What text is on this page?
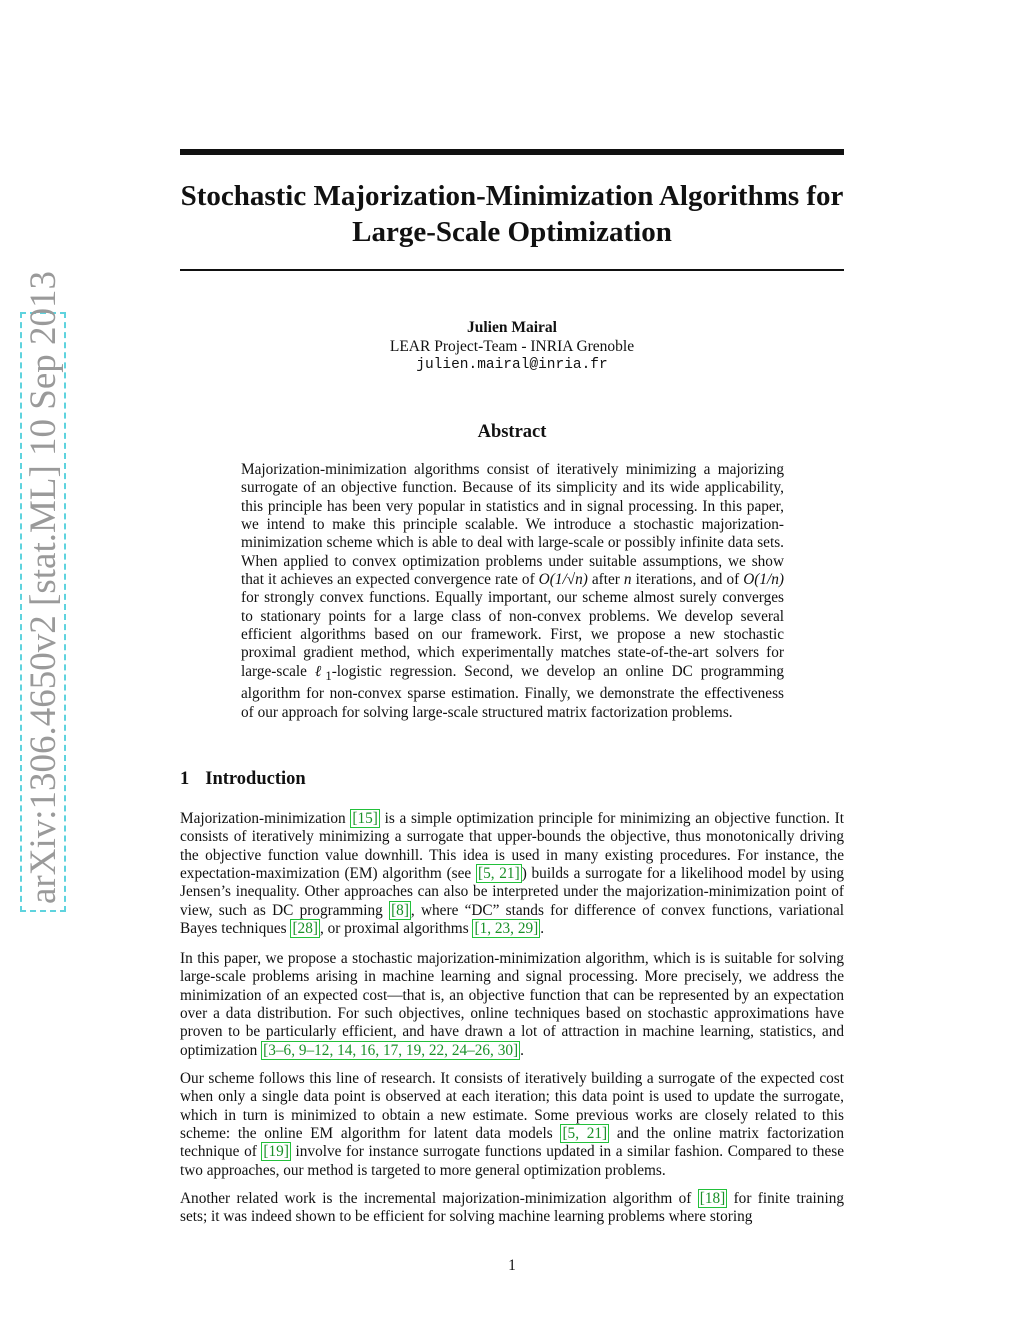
arXiv:1306.4650v2 [stat.ML] 10 Sep 2013
Stochastic Majorization-Minimization Algorithms for
Large-Scale Optimization
Julien Mairal
LEAR Project-Team - INRIA Grenoble
julien.mairal@inria.fr
Abstract

Majorization-minimization algorithms consist of iteratively minimizing a majorizing surrogate of an objective function. Because of its simplicity and its wide applicability, this principle has been very popular in statistics and in signal processing. In this paper, we intend to make this principle scalable. We introduce a stochastic majorization-minimization scheme which is able to deal with large-scale or possibly infinite data sets. When applied to convex optimization problems under suitable assumptions, we show that it achieves an expected convergence rate of O(1/√n) after n iterations, and of O(1/n) for strongly convex functions. Equally important, our scheme almost surely converges to stationary points for a large class of non-convex problems. We develop several efficient algorithms based on our framework. First, we propose a new stochastic proximal gradient method, which experimentally matches state-of-the-art solvers for large-scale ℓ$_1$-logistic regression. Second, we develop an online DC programming algorithm for non-convex sparse estimation. Finally, we demonstrate the effectiveness of our approach for solving large-scale structured matrix factorization problems.

1 Introduction

Majorization-minimization [15] is a simple optimization principle for minimizing an objective function. It consists of iteratively minimizing a surrogate that upper-bounds the objective, thus monotonically driving the objective function value downhill. This idea is used in many existing procedures. For instance, the expectation-maximization (EM) algorithm (see [5, 21] ) builds a surrogate for a likelihood model by using Jensen’s inequality. Other approaches can also be interpreted under the majorization-minimization point of view, such as DC programming [8] , where “DC” stands for difference of convex functions, variational Bayes techniques [28] , or proximal algorithms [1, 23, 29] .

In this paper, we propose a stochastic majorization-minimization algorithm, which is is suitable for solving large-scale problems arising in machine learning and signal processing. More precisely, we address the minimization of an expected cost—that is, an objective function that can be represented by an expectation over a data distribution. For such objectives, online techniques based on stochastic approximations have proven to be particularly efficient, and have drawn a lot of attraction in machine learning, statistics, and optimization [3–6, 9–12, 14, 16, 17, 19, 22, 24–26, 30] .

Our scheme follows this line of research. It consists of iteratively building a surrogate of the expected cost when only a single data point is observed at each iteration; this data point is used to update the surrogate, which in turn is minimized to obtain a new estimate. Some previous works are closely related to this scheme: the online EM algorithm for latent data models [5, 21] and the online matrix factorization technique of [19] involve for instance surrogate functions updated in a similar fashion. Compared to these two approaches, our method is targeted to more general optimization problems.

Another related work is the incremental majorization-minimization algorithm of [18] for finite training sets; it was indeed shown to be efficient for solving machine learning problems where storing

1
